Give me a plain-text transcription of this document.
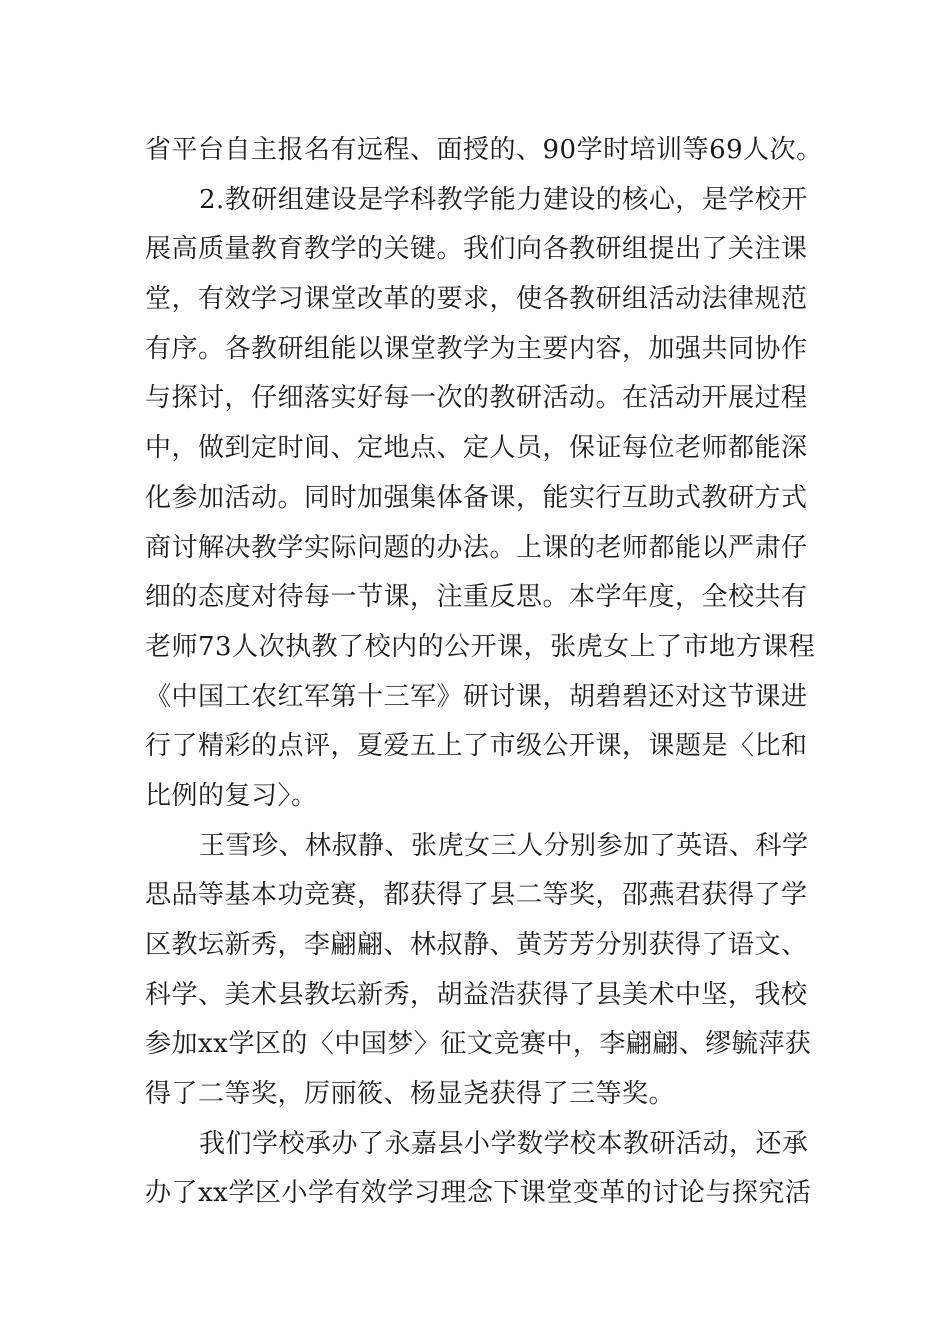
省平台自主报名有远程、面授的、90学时培训等69人次。
2.教研组建设是学科教学能力建设的核心，是学校开
展高质量教育教学的关键。我们向各教研组提出了关注课
堂，有效学习课堂改革的要求，使各教研组活动法律规范
有序。各教研组能以课堂教学为主要内容，加强共同协作
与探讨，仔细落实好每一次的教研活动。在活动开展过程
中，做到定时间、定地点、定人员，保证每位老师都能深
化参加活动。同时加强集体备课，能实行互助式教研方式
商讨解决教学实际问题的办法。上课的老师都能以严肃仔
细的态度对待每一节课，注重反思。本学年度，全校共有
老师73人次执教了校内的公开课，张虎女上了市地方课程
《中国工农红军第十三军》研讨课，胡碧碧还对这节课进
行了精彩的点评，夏爱五上了市级公开课，课题是〈比和
比例的复习〉。
王雪珍、林叔静、张虎女三人分别参加了英语、科学
思品等基本功竞赛，都获得了县二等奖，邵燕君获得了学
区教坛新秀，李翩翩、林叔静、黄芳芳分别获得了语文、
科学、美术县教坛新秀，胡益浩获得了县美术中坚，我校
参加xx学区的〈中国梦〉征文竞赛中，李翩翩、缪毓萍获
得了二等奖，厉丽筱、杨显尧获得了三等奖。
我们学校承办了永嘉县小学数学校本教研活动，还承
办了xx学区小学有效学习理念下课堂变革的讨论与探究活
